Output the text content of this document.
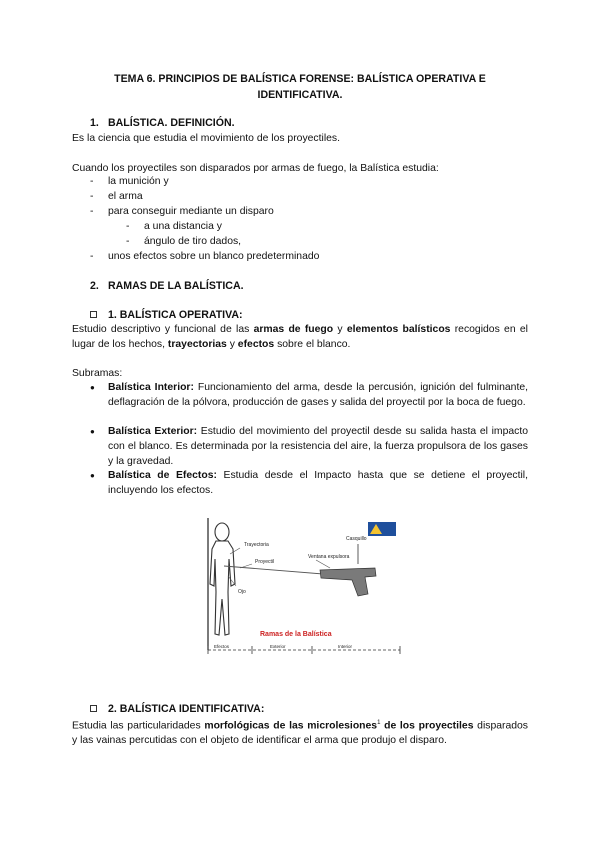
TEMA 6. PRINCIPIOS DE BALÍSTICA FORENSE: BALÍSTICA OPERATIVA E
IDENTIFICATIVA.
1. BALÍSTICA. DEFINICIÓN.
Es la ciencia que estudia el movimiento de los proyectiles.
Cuando los proyectiles son disparados por armas de fuego, la Balística estudia:
- la munición y
- el arma
- para conseguir mediante un disparo
- a una distancia y
- ángulo de tiro dados,
- unos efectos sobre un blanco predeterminado
2. RAMAS DE LA BALÍSTICA.
1. BALÍSTICA OPERATIVA:
Estudio descriptivo y funcional de las armas de fuego y elementos balísticos recogidos en el lugar de los hechos, trayectorias y efectos sobre el blanco.
Subramas:
● Balística Interior: Funcionamiento del arma, desde la percusión, ignición del fulminante, deflagración de la pólvora, producción de gases y salida del proyectil por la boca de fuego.
● Balística Exterior: Estudio del movimiento del proyectil desde su salida hasta el impacto con el blanco. Es determinada por la resistencia del aire, la fuerza propulsora de los gases y la gravedad.
● Balística de Efectos: Estudia desde el Impacto hasta que se detiene el proyectil, incluyendo los efectos.
Trayectoria
Proyectil
Ojo
Casquillo
Ventana expulsora
Ramas de la Balística
Efectos	Exterior	Interior
2. BALÍSTICA IDENTIFICATIVA:
Estudia las particularidades morfológicas de las microlesiones$^1$ de los proyectiles disparados y las vainas percutidas con el objeto de identificar el arma que produjo el disparo.
